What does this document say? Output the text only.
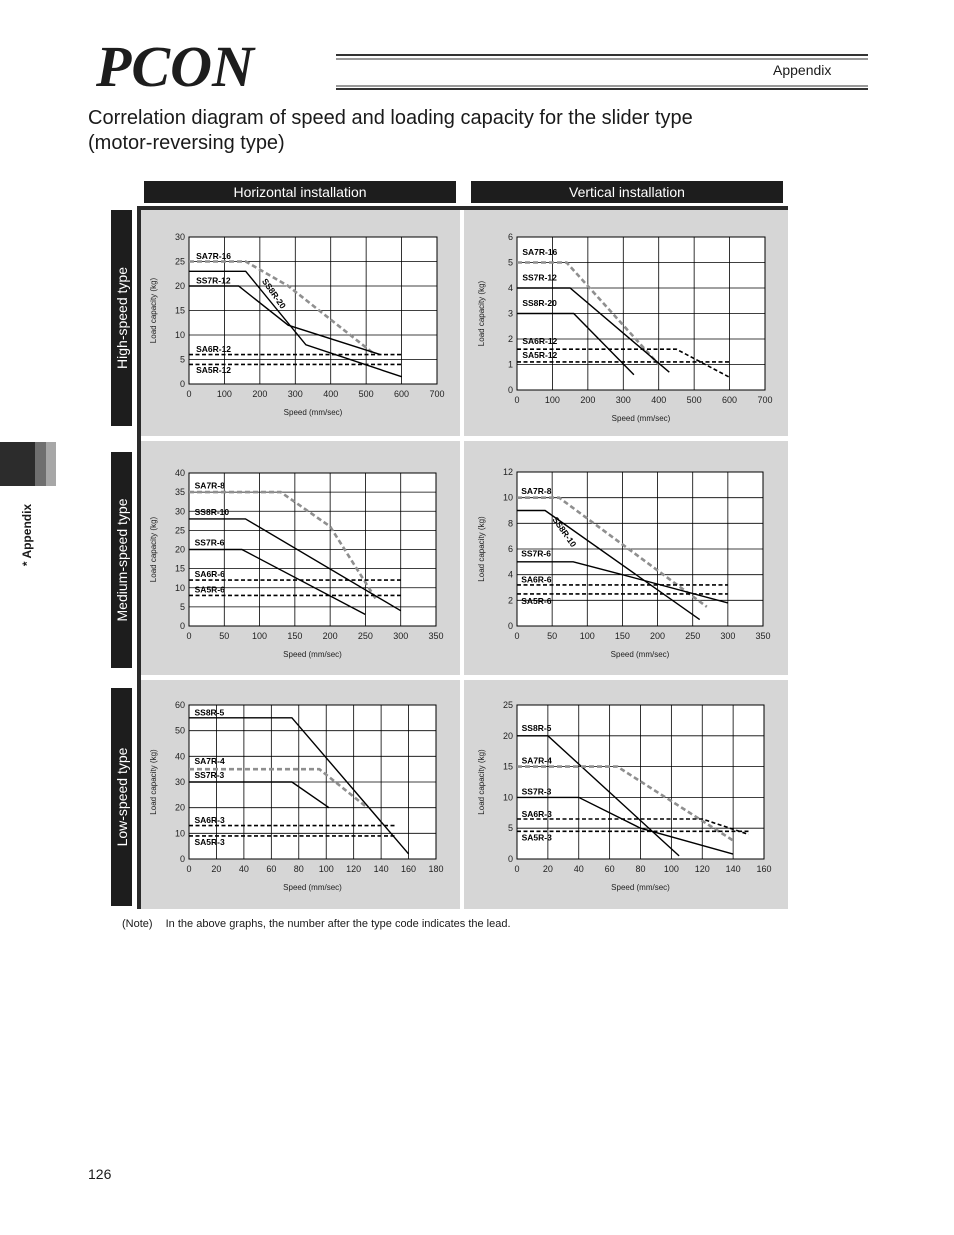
PCON	Appendix
Correlation diagram of speed and loading capacity for the slider type
(motor-reversing type)
Horizontal installation	Vertical installation
High-speed type
Medium-speed type
Low-speed type
0	100 200 300 400 500 600 700
0
5
10
15
20
25
30
Speed (mm/sec)
Load capacity (kg)
SA7R-16
SS7R-12	SS8R-20
SA6R-12
SA5R-12
0	100 200 300 400 500 600 700
0
1
2
3
4
5
6
Speed (mm/sec)
Load capacity (kg)
SA7R-16
SS7R-12
SS8R-20
SA6R-12
SA5R-12
0	50	100 150 200 250 300 350
0
5
10
15
20
25
30
35
40
Speed (mm/sec)
Load capacity (kg)
SA7R-8
SS8R-10
SS7R-6
SA6R-6
SA5R-6
0	50	100 150 200 250 300 350
0
2
4
6
8
10
12
Speed (mm/sec)
Load capacity (kg)
SA7R-8
SS8R-10
SS7R-6
SA6R-6
SA5R-6
0 20 40 60 80 100 120 140 160 180
0
10
20
30
40
50
60
Speed (mm/sec)
Load capacity (kg)
SS8R-5
SA7R-4
SS7R-3
SA6R-3
SA5R-3
0	20 40 60 80 100 120 140 160
0
5
10
15
20
25
Speed (mm/sec)
Load capacity (kg)
SS8R-5
SA7R-4
SS7R-3
SA6R-3
SA5R-3
* Appendix
(Note) In the above graphs, the number after the type code indicates the lead.
126
